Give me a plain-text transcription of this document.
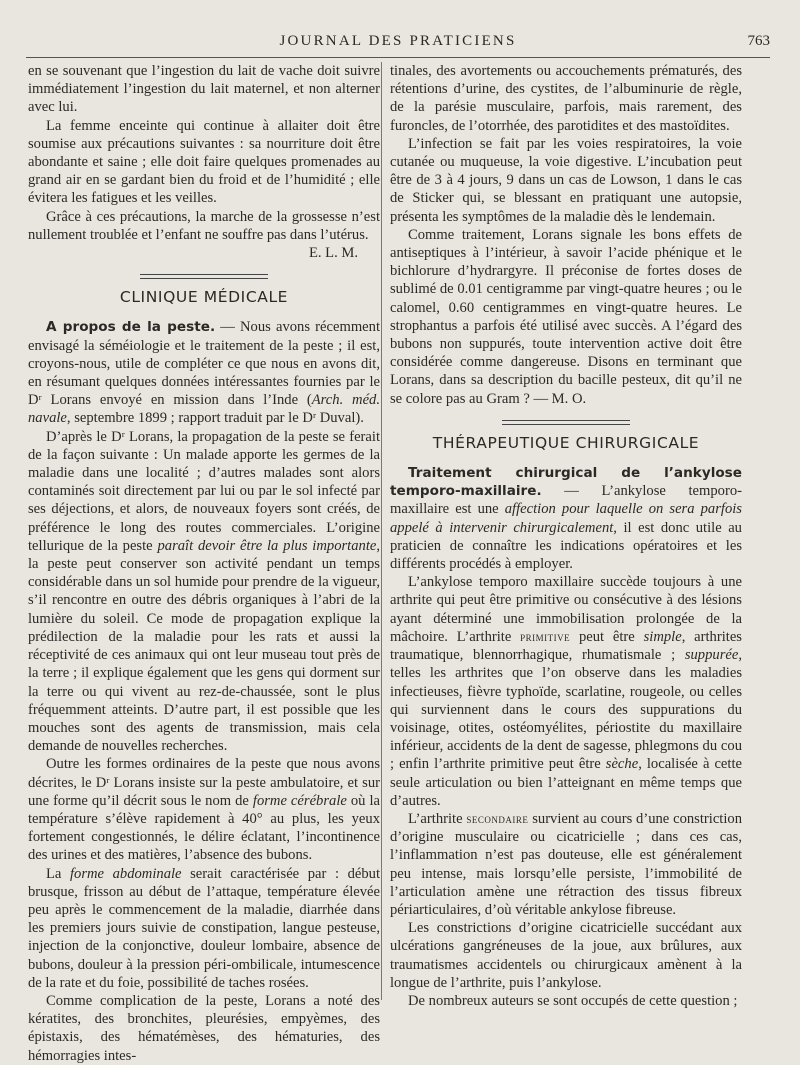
JOURNAL DES PRATICIENS	763

en se souvenant que l’ingestion du lait de vache doit suivre immédiatement l’ingestion du lait maternel, et non alterner avec lui.

La femme enceinte qui continue à allaiter doit être soumise aux précautions suivantes : sa nourriture doit être abondante et saine ; elle doit faire quelques promenades au grand air en se gardant bien du froid et de l’humidité ; elle évitera les fatigues et les veilles.

Grâce à ces précautions, la marche de la grossesse n’est nullement troublée et l’enfant ne souffre pas dans l’utérus.

E. L. M.

CLINIQUE MÉDICALE

A propos de la peste. — Nous avons récemment envisagé la séméiologie et le traitement de la peste ; il est, croyons-nous, utile de compléter ce que nous en avons dit, en résumant quelques données intéressantes fournies par le Dʳ Lorans envoyé en mission dans l’Inde (Arch. méd. navale, septembre 1899 ; rapport traduit par le Dʳ Duval).

D’après le Dʳ Lorans, la propagation de la peste se ferait de la façon suivante : Un malade apporte les germes de la maladie dans une localité ; d’autres malades sont alors contaminés soit directement par lui ou par le sol infecté par ses déjections, et alors, de nouveaux foyers sont créés, de préférence le long des routes commerciales. L’origine tellurique de la peste paraît devoir être la plus importante, la peste peut conserver son activité pendant un temps considérable dans un sol humide pour prendre de la vigueur, s’il rencontre en outre des débris organiques à l’abri de la lumière du soleil. Ce mode de propagation explique la prédilection de la maladie pour les rats et aussi la réceptivité de ces animaux qui ont leur museau tout près de la terre ; il explique également que les gens qui dorment sur la terre ou qui vivent au rez-de-chaussée, sont le plus fréquemment atteints. D’autre part, il est possible que les mouches sont des agents de transmission, mais cela demande de nouvelles recherches.

Outre les formes ordinaires de la peste que nous avons décrites, le Dʳ Lorans insiste sur la peste ambulatoire, et sur une forme qu’il décrit sous le nom de forme cérébrale où la température s’élève rapidement à 40° au plus, les yeux fortement congestionnés, le délire éclatant, l’incontinence des urines et des matières, l’absence des bubons.

La forme abdominale serait caractérisée par : début brusque, frisson au début de l’attaque, température élevée peu après le commencement de la maladie, diarrhée dans les premiers jours suivie de constipation, langue pesteuse, injection de la conjonctive, douleur lombaire, absence de bubons, douleur à la pression péri-ombilicale, intumescence de la rate et du foie, possibilité de taches rosées.

Comme complication de la peste, Lorans a noté des kératites, des bronchites, pleurésies, empyèmes, des épistaxis, des hématémèses, des hématuries, des hémorragies intes-

tinales, des avortements ou accouchements prématurés, des rétentions d’urine, des cystites, de l’albuminurie de règle, de la parésie musculaire, parfois, mais rarement, des furoncles, de l’otorrhée, des parotidites et des mastoïdites.

L’infection se fait par les voies respiratoires, la voie cutanée ou muqueuse, la voie digestive. L’incubation peut être de 3 à 4 jours, 9 dans un cas de Lowson, 1 dans le cas de Sticker qui, se blessant en pratiquant une autopsie, présenta les symptômes de la maladie dès le lendemain.

Comme traitement, Lorans signale les bons effets de antiseptiques à l’intérieur, à savoir l’acide phénique et le bichlorure d’hydrargyre. Il préconise de fortes doses de sublimé de 0.01 centigramme par vingt-quatre heures ; ou le calomel, 0.60 centigrammes en vingt-quatre heures. Le strophantus a parfois été utilisé avec succès. A l’égard des bubons non suppurés, toute intervention active doit être considérée comme dangereuse. Disons en terminant que Lorans, dans sa description du bacille pesteux, dit qu’il ne se colore pas au Gram ? — M. O.

THÉRAPEUTIQUE CHIRURGICALE

Traitement chirurgical de l’ankylose temporo-maxillaire. — L’ankylose temporo-maxillaire est une affection pour laquelle on sera parfois appelé à intervenir chirurgicalement, il est donc utile au praticien de connaître les indications opératoires et les différents procédés à employer.

L’ankylose temporo maxillaire succède toujours à une arthrite qui peut être primitive ou consécutive à des lésions ayant déterminé une immobilisation prolongée de la mâchoire. L’arthrite primitive peut être simple, arthrites traumatique, blennorrhagique, rhumatismale ; suppurée, telles les arthrites que l’on observe dans les maladies infectieuses, fièvre typhoïde, scarlatine, rougeole, ou celles qui surviennent dans le cours des suppurations du voisinage, otites, ostéomyélites, périostite du maxillaire inférieur, accidents de la dent de sagesse, phlegmons du cou ; enfin l’arthrite primitive peut être sèche, localisée à cette seule articulation ou bien l’atteignant en même temps que d’autres.

L’arthrite secondaire survient au cours d’une constriction d’origine musculaire ou cicatricielle ; dans ces cas, l’inflammation n’est pas douteuse, elle est généralement peu intense, mais lorsqu’elle persiste, l’immobilité de l’articulation amène une rétraction des tissus fibreux périarticulaires, d’où véritable ankylose fibreuse.

Les constrictions d’origine cicatricielle succédant aux ulcérations gangréneuses de la joue, aux brûlures, aux traumatismes accidentels ou chirurgicaux amènent à la longue de l’arthrite, puis l’ankylose.

De nombreux auteurs se sont occupés de cette question ;
